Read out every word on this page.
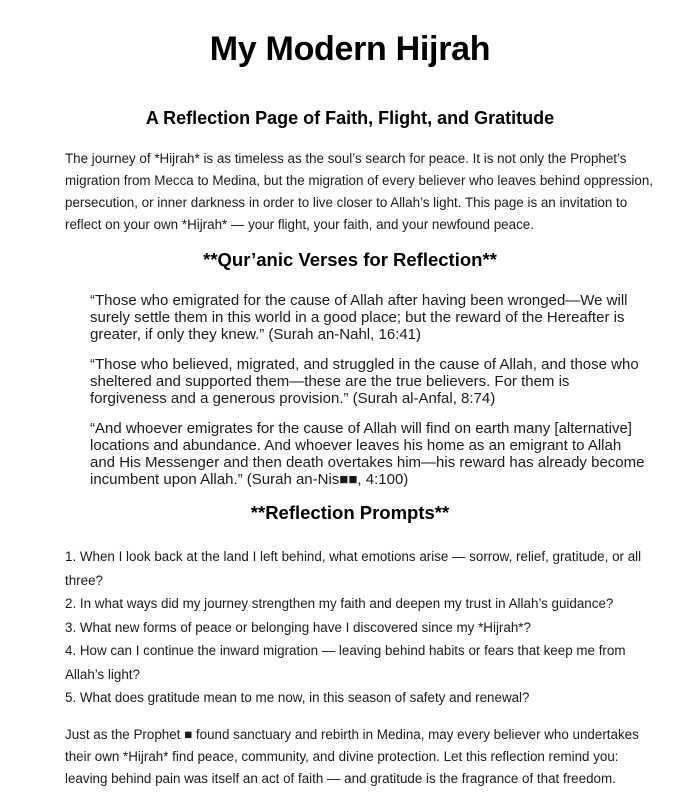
My Modern Hijrah
A Reflection Page of Faith, Flight, and Gratitude

The journey of *Hijrah* is as timeless as the soul’s search for peace. It is not only the Prophet’s migration from Mecca to Medina, but the migration of every believer who leaves behind oppression, persecution, or inner darkness in order to live closer to Allah’s light. This page is an invitation to reflect on your own *Hijrah* — your flight, your faith, and your newfound peace.

**Qur’anic Verses for Reflection**

“Those who emigrated for the cause of Allah after having been wronged—We will surely settle them in this world in a good place; but the reward of the Hereafter is greater, if only they knew.” (Surah an-Nahl, 16:41)

“Those who believed, migrated, and struggled in the cause of Allah, and those who sheltered and supported them—these are the true believers. For them is forgiveness and a generous provision.” (Surah al-Anfal, 8:74)

“And whoever emigrates for the cause of Allah will find on earth many [alternative] locations and abundance. And whoever leaves his home as an emigrant to Allah and His Messenger and then death overtakes him—his reward has already become incumbent upon Allah.” (Surah an-Nis■■, 4:100)

**Reflection Prompts**
1. When I look back at the land I left behind, what emotions arise — sorrow, relief, gratitude, or all three?
2. In what ways did my journey strengthen my faith and deepen my trust in Allah’s guidance?
3. What new forms of peace or belonging have I discovered since my *Hijrah*?
4. How can I continue the inward migration — leaving behind habits or fears that keep me from Allah’s light?
5. What does gratitude mean to me now, in this season of safety and renewal?

Just as the Prophet ■ found sanctuary and rebirth in Medina, may every believer who undertakes their own *Hijrah* find peace, community, and divine protection. Let this reflection remind you: leaving behind pain was itself an act of faith — and gratitude is the fragrance of that freedom.
